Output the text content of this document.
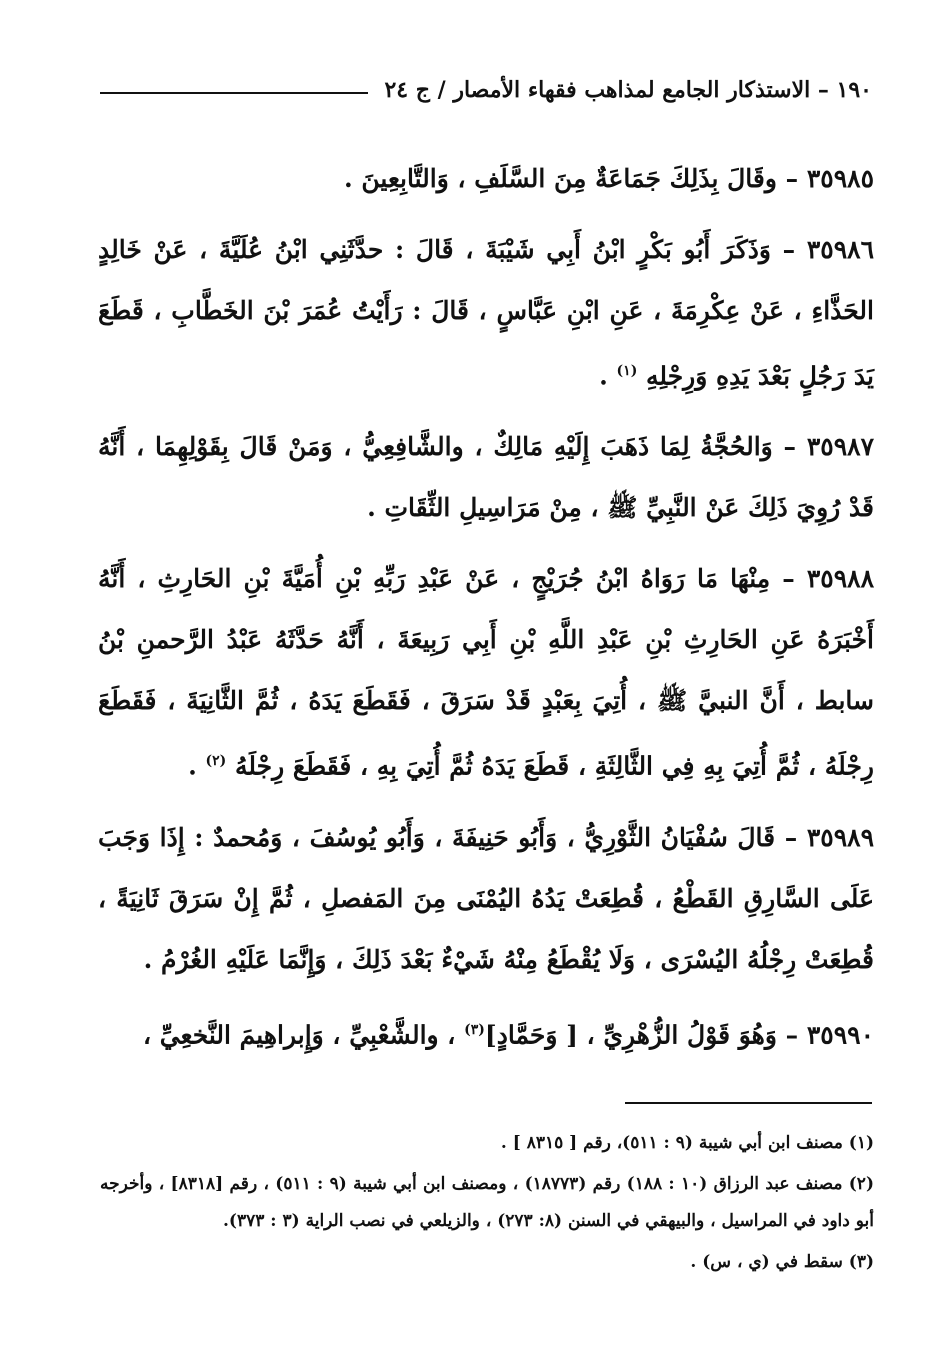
١٩٠ – الاستذكار الجامع لمذاهب فقهاء الأمصار / ج ٢٤

٣٥٩٨٥ – وقَالَ بِذَلِكَ جَمَاعَةٌ مِنَ السَّلَفِ ، وَالتَّابِعِينَ .

٣٥٩٨٦ – وَذَكَرَ أَبُو بَكْرٍ ابْنُ أَبِي شَيْبَةَ ، قَالَ : حدَّثَنِي ابْنُ عُلَيَّةَ ، عَنْ خَالِدٍ الحَذَّاءِ ، عَنْ عِكْرِمَةَ ، عَنِ ابْنِ عَبَّاسٍ ، قَالَ : رَأَيْتُ عُمَرَ بْنَ الخَطَّابِ ، قَطَعَ يَدَ رَجُلٍ بَعْدَ يَدِهِ وَرِجْلِهِ $^{(١)}$ .

٣٥٩٨٧ – وَالحُجَّةُ لِمَا ذَهَبَ إِلَيْهِ مَالِكٌ ، والشَّافِعِيُّ ، وَمَنْ قَالَ بِقَوْلِهِمَا ، أَنَّهُ قَدْ رُوِيَ ذَلِكَ عَنْ النَّبِيِّ ﷺ ، مِنْ مَرَاسِيلِ الثِّقَاتِ .

٣٥٩٨٨ – مِنْهَا مَا رَوَاهُ ابْنُ جُرَيْجٍ ، عَنْ عَبْدِ رَبِّهِ بْنِ أُمَيَّةَ بْنِ الحَارِثِ ، أَنَّهُ أَخْبَرَهُ عَنِ الحَارِثِ بْنِ عَبْدِ اللَّهِ بْنِ أَبِي رَبِيعَةَ ، أَنَّهُ حَدَّثَهُ عَبْدُ الرَّحمنِ بْنُ سابط ، أَنَّ النبيَّ ﷺ ، أُتِيَ بِعَبْدٍ قَدْ سَرَقَ ، فَقَطَعَ يَدَهُ ، ثُمَّ الثَّانِيَةَ ، فَقَطَعَ رِجْلَهُ ، ثُمَّ أُتِيَ بِهِ فِي الثَّالِثَةِ ، قَطَعَ يَدَهُ ثُمَّ أُتِيَ بِهِ ، فَقَطَعَ رِجْلَهُ $^{(٢)}$ .

٣٥٩٨٩ – قَالَ سُفْيَانُ الثَّوْرِيُّ ، وَأَبُو حَنِيفَةَ ، وَأَبُو يُوسُفَ ، وَمُحمدٌ : إِذَا وَجَبَ عَلَى السَّارِقِ القَطْعُ ، قُطِعَتْ يَدُهُ اليُمْنَى مِنَ المَفصلِ ، ثُمَّ إِنْ سَرَقَ ثَانِيَةً ، قُطِعَتْ رِجْلُهُ اليُسْرَى ، وَلَا يُقْطَعُ مِنْهُ شَيْءٌ بَعْدَ ذَلِكَ ، وَإِنَّمَا عَلَيْهِ الغُرْمُ .

٣٥٩٩٠ – وَهُوَ قَوْلُ الزُّهْرِيِّ ، [ وَحَمَّادٍ]$^{(٣)}$ ، والشَّعْبِيِّ ، وَإِبراهِيمَ النَّخعِيِّ ،

(١) مصنف ابن أبي شيبة (٩ : ٥١١)، رقم [ ٨٣١٥ ] .

(٢) مصنف عبد الرزاق (١٠ : ١٨٨) رقم (١٨٧٧٣) ، ومصنف ابن أبي شيبة (٩ : ٥١١) ، رقم [٨٣١٨] ، وأخرجه أبو داود في المراسيل ، والبيهقي في السنن (٨: ٢٧٣) ، والزيلعي في نصب الراية (٣ : ٣٧٣).

(٣) سقط في (ي ، س) .
